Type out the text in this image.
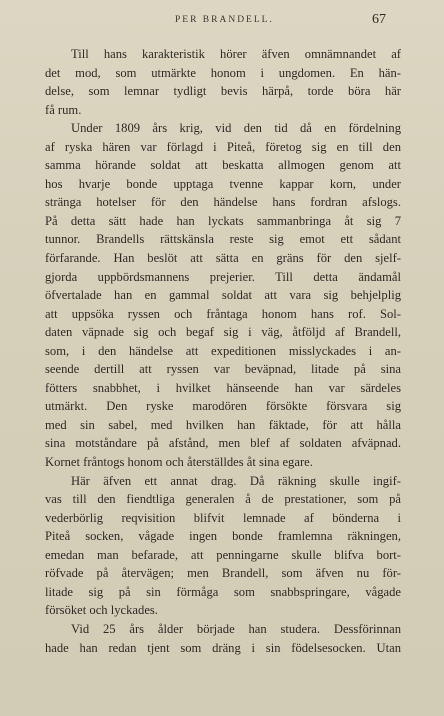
PER BRANDELL.	67
Till hans karakteristik hörer äfven omnämnandet af
det mod, som utmärkte honom i ungdomen. En hän-
delse, som lemnar tydligt bevis härpå, torde böra här
få rum.
Under 1809 års krig, vid den tid då en fördelning
af ryska hären var förlagd i Piteå, företog sig en till den
samma hörande soldat att beskatta allmogen genom att
hos hvarje bonde upptaga tvenne kappar korn, under
stränga hotelser för den händelse hans fordran afslogs.
På detta sätt hade han lyckats sammanbringa åt sig 7
tunnor. Brandells rättskänsla reste sig emot ett sådant
förfarande. Han beslöt att sätta en gräns för den sjelf-
gjorda uppbördsmannens prejerier. Till detta ändamål
öfvertalade han en gammal soldat att vara sig behjelplig
att uppsöka ryssen och fråntaga honom hans rof. Sol-
daten väpnade sig och begaf sig i väg, åtföljd af Brandell,
som, i den händelse att expeditionen misslyckades i an-
seende dertill att ryssen var beväpnad, litade på sina
fötters snabbhet, i hvilket hänseende han var särdeles
utmärkt. Den ryske marodören försökte försvara sig
med sin sabel, med hvilken han fäktade, för att hålla
sina motståndare på afstånd, men blef af soldaten afväpnad.
Kornet fråntogs honom och återställdes åt sina egare.
Här äfven ett annat drag. Då räkning skulle ingif-
vas till den fiendtliga generalen å de prestationer, som på
vederbörlig reqvisition blifvit lemnade af bönderna i
Piteå socken, vågade ingen bonde framlemna räkningen,
emedan man befarade, att penningarne skulle blifva bort-
röfvade på återvägen; men Brandell, som äfven nu för-
litade sig på sin förmåga som snabbspringare, vågade
försöket och lyckades.
Vid 25 års ålder började han studera. Dessförinnan
hade han redan tjent som dräng i sin födelsesocken. Utan
